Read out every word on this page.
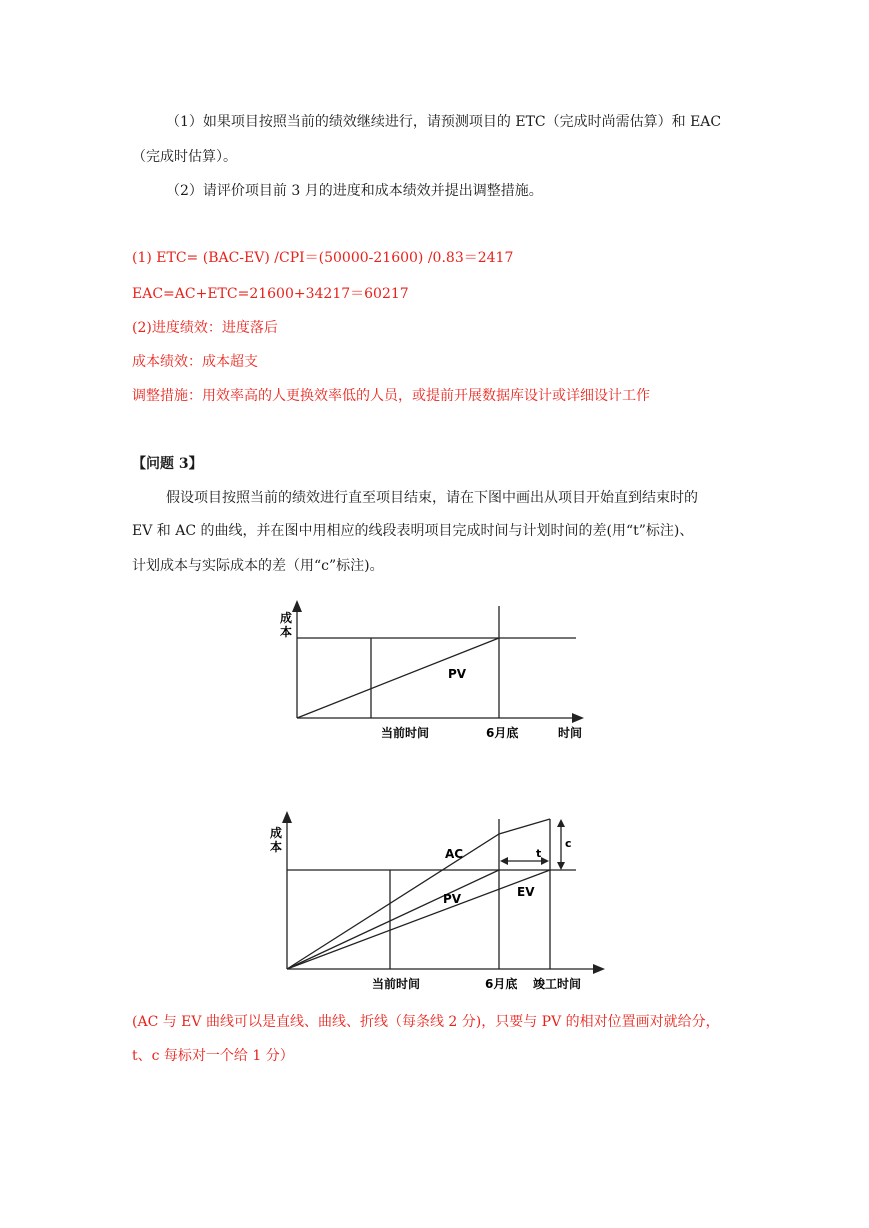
（1）如果项目按照当前的绩效继续进行，请预测项目的 ETC（完成时尚需估算）和 EAC
（完成时估算）。
（2）请评价项目前 3 月的进度和成本绩效并提出调整措施。
(1) ETC= (BAC-EV) /CPI＝(50000-21600) /0.83＝2417
EAC=AC+ETC=21600+34217＝60217
(2)进度绩效：进度落后
成本绩效：成本超支
调整措施：用效率高的人更换效率低的人员，或提前开展数据库设计或详细设计工作
【问题 3】
假设项目按照当前的绩效进行直至项目结束，请在下图中画出从项目开始直到结束时的
EV 和 AC 的曲线，并在图中用相应的线段表明项目完成时间与计划时间的差(用“t”标注)、
计划成本与实际成本的差（用“c”标注)。
成
本
PV
当前时间	6月底	时间
成
本	AC
PV	EV
t
c
当前时间	6月底 竣工时间
(AC 与 EV 曲线可以是直线、曲线、折线（每条线 2 分)，只要与 PV 的相对位置画对就给分，
t、c 每标对一个给 1 分）
